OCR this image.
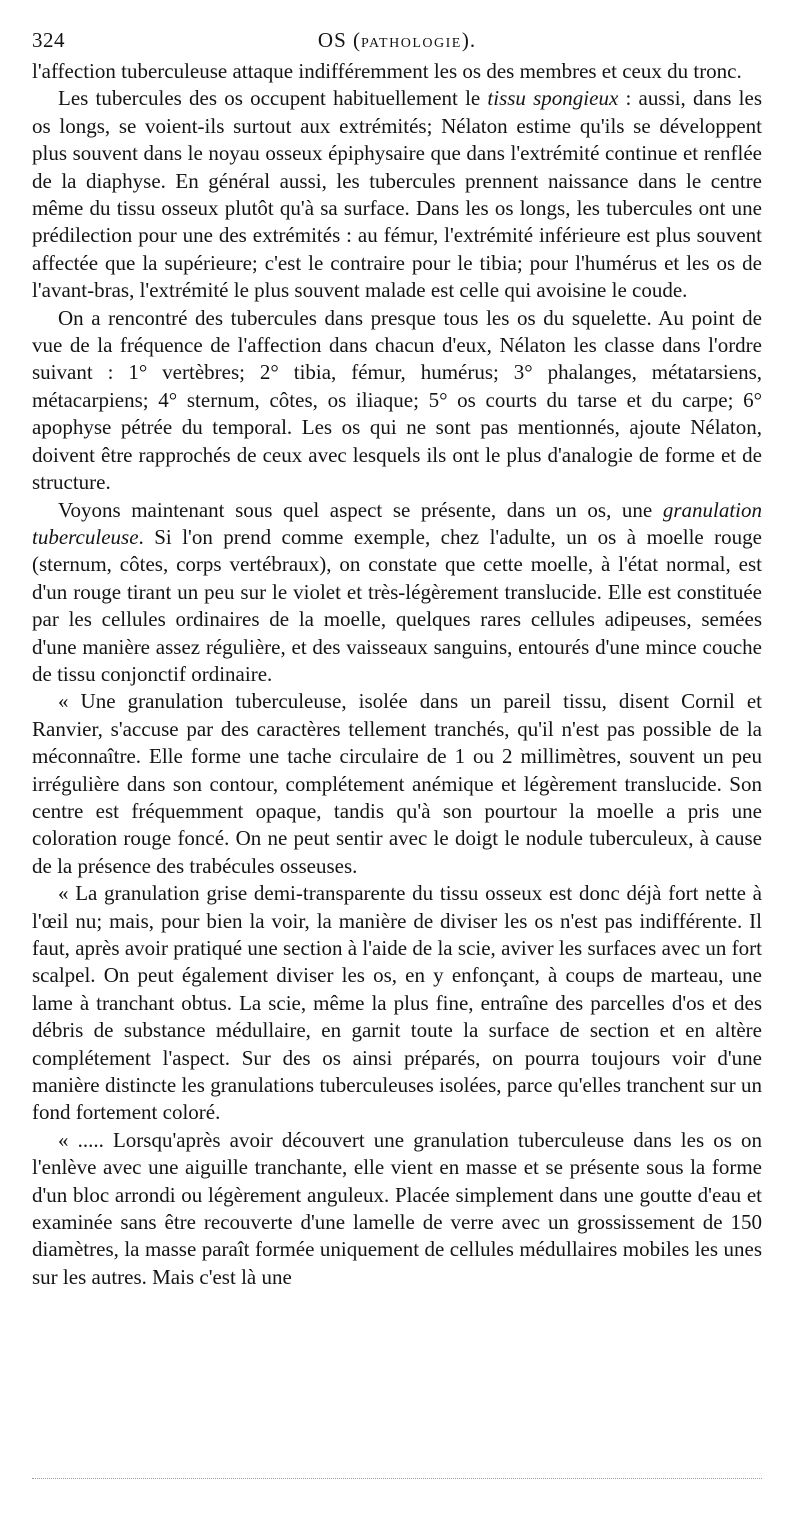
324	OS (PATHOLOGIE).

l'affection tuberculeuse attaque indifféremment les os des membres et ceux du tronc.

Les tubercules des os occupent habituellement le tissu spongieux : aussi, dans les os longs, se voient-ils surtout aux extrémités; Nélaton estime qu'ils se développent plus souvent dans le noyau osseux épiphysaire que dans l'extrémité continue et renflée de la diaphyse. En général aussi, les tubercules prennent naissance dans le centre même du tissu osseux plutôt qu'à sa surface. Dans les os longs, les tubercules ont une prédilection pour une des extrémités : au fémur, l'extrémité inférieure est plus souvent affectée que la supérieure; c'est le contraire pour le tibia; pour l'humérus et les os de l'avant-bras, l'extrémité le plus souvent malade est celle qui avoisine le coude.

On a rencontré des tubercules dans presque tous les os du squelette. Au point de vue de la fréquence de l'affection dans chacun d'eux, Nélaton les classe dans l'ordre suivant : 1° vertèbres; 2° tibia, fémur, humérus; 3° phalanges, métatarsiens, métacarpiens; 4° sternum, côtes, os iliaque; 5° os courts du tarse et du carpe; 6° apophyse pétrée du temporal. Les os qui ne sont pas mentionnés, ajoute Nélaton, doivent être rapprochés de ceux avec lesquels ils ont le plus d'analogie de forme et de structure.

Voyons maintenant sous quel aspect se présente, dans un os, une granulation tuberculeuse. Si l'on prend comme exemple, chez l'adulte, un os à moelle rouge (sternum, côtes, corps vertébraux), on constate que cette moelle, à l'état normal, est d'un rouge tirant un peu sur le violet et très-légèrement translucide. Elle est constituée par les cellules ordinaires de la moelle, quelques rares cellules adipeuses, semées d'une manière assez régulière, et des vaisseaux sanguins, entourés d'une mince couche de tissu conjonctif ordinaire.

« Une granulation tuberculeuse, isolée dans un pareil tissu, disent Cornil et Ranvier, s'accuse par des caractères tellement tranchés, qu'il n'est pas possible de la méconnaître. Elle forme une tache circulaire de 1 ou 2 millimètres, souvent un peu irrégulière dans son contour, complétement anémique et légèrement translucide. Son centre est fréquemment opaque, tandis qu'à son pourtour la moelle a pris une coloration rouge foncé. On ne peut sentir avec le doigt le nodule tuberculeux, à cause de la présence des trabécules osseuses.

« La granulation grise demi-transparente du tissu osseux est donc déjà fort nette à l'œil nu; mais, pour bien la voir, la manière de diviser les os n'est pas indifférente. Il faut, après avoir pratiqué une section à l'aide de la scie, aviver les surfaces avec un fort scalpel. On peut également diviser les os, en y enfonçant, à coups de marteau, une lame à tranchant obtus. La scie, même la plus fine, entraîne des parcelles d'os et des débris de substance médullaire, en garnit toute la surface de section et en altère complétement l'aspect. Sur des os ainsi préparés, on pourra toujours voir d'une manière distincte les granulations tuberculeuses isolées, parce qu'elles tranchent sur un fond fortement coloré.

« ..... Lorsqu'après avoir découvert une granulation tuberculeuse dans les os on l'enlève avec une aiguille tranchante, elle vient en masse et se présente sous la forme d'un bloc arrondi ou légèrement anguleux. Placée simplement dans une goutte d'eau et examinée sans être recouverte d'une lamelle de verre avec un grossissement de 150 diamètres, la masse paraît formée uniquement de cellules médullaires mobiles les unes sur les autres. Mais c'est là une
